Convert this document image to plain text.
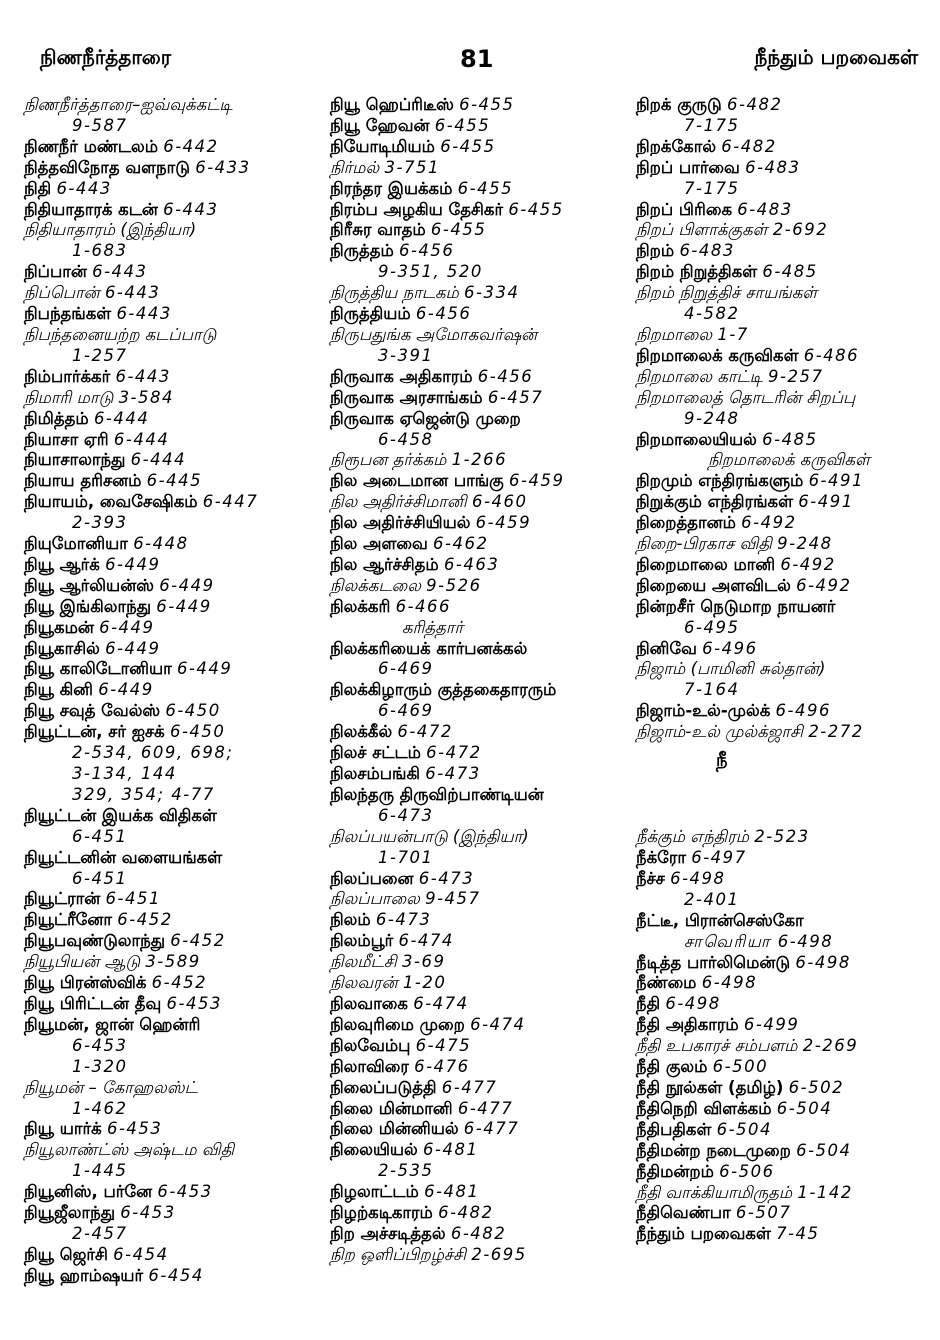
நிணநீர்த்தாரை	81	நீந்தும் பறவைகள்

நிணநீர்த்தாரை–ஐவ்வுக்கட்டி
9-587

நிணநீர் மண்டலம் 6-442

நித்தவிநோத வளநாடு 6-433

நிதி 6-443

நிதியாதாரக் கடன் 6-443

நிதியாதாரம் (இந்தியா)
1-683

நிப்பான் 6-443

நிப்பொன் 6-443

நிபந்தங்கள் 6-443

நிபந்தனையற்ற கடப்பாடு
1-257

நிம்பார்க்கர் 6-443

நிமாரி மாடு 3-584

நிமித்தம் 6-444

நியாசா ஏரி 6-444

நியாசாலாந்து 6-444

நியாய தரிசனம் 6-445

நியாயம், வைசேஷிகம் 6-447
2-393

நியுமோனியா 6-448

நியூ ஆர்க் 6-449

நியூ ஆர்லியன்ஸ் 6-449

நியூ இங்கிலாந்து 6-449

நியூகமன் 6-449

நியூகாசில் 6-449

நியூ காலிடோனியா 6-449

நியூ கினி 6-449

நியூ சவுத் வேல்ஸ் 6-450

நியூட்டன், சர் ஐசக் 6-450
2-534, 609, 698;
3-134, 144
329, 354; 4-77

நியூட்டன் இயக்க விதிகள்
6-451

நியூட்டனின் வளையங்கள்
6-451

நியூட்ரான் 6-451

நியூட்ரீனோ 6-452

நியூபவுண்டுலாந்து 6-452

நியூபியன் ஆடு 3-589

நியூ பிரன்ஸ்விக் 6-452

நியூ பிரிட்டன் தீவு 6-453

நியூமன், ஜான் ஹென்ரி
6-453
1-320

நியூமன் – கோஹலஸ்ட்
1-462

நியூ யார்க் 6-453

நியூலாண்ட்ஸ் அஷ்டம விதி
1-445

நியூனிஸ், பர்னே 6-453

நியூஜீலாந்து 6-453
2-457

நியூ ஜெர்சி 6-454

நியூ ஹாம்ஷயர் 6-454

நியூ ஹெப்ரிடீஸ் 6-455

நியூ ஹேவன் 6-455

நியோடிமியம் 6-455

நிர்மல் 3-751

நிரந்தர இயக்கம் 6-455

நிரம்ப அழகிய தேசிகர் 6-455

நிரீசுர வாதம் 6-455

நிருத்தம் 6-456
9-351, 520

நிருத்திய நாடகம் 6-334

நிருத்தியம் 6-456

நிருபதுங்க அமோகவர்ஷன்
3-391

நிருவாக அதிகாரம் 6-456

நிருவாக அரசாங்கம் 6-457

நிருவாக ஏஜென்டு முறை
6-458

நிரூபன தர்க்கம் 1-266

நில அடைமான பாங்கு 6-459

நில அதிர்ச்சிமானி 6-460

நில அதிர்ச்சியியல் 6-459

நில அளவை 6-462

நில ஆர்ச்சிதம் 6-463

நிலக்கடலை 9-526

நிலக்கரி 6-466
கரித்தார்

நிலக்கரியைக் கார்பனக்கல்
6-469

நிலக்கிழாரும் குத்தகைதாரரும்
6-469

நிலக்கீல் 6-472

நிலச் சட்டம் 6-472

நிலசம்பங்கி 6-473

நிலந்தரு திருவிற்பாண்டியன்
6-473

நிலப்பயன்பாடு (இந்தியா)
1-701

நிலப்பனை 6-473

நிலப்பாலை 9-457

நிலம் 6-473

நிலம்பூர் 6-474

நிலமீட்சி 3-69

நிலவரன் 1-20

நிலவாகை 6-474

நிலவுரிமை முறை 6-474

நிலவேம்பு 6-475

நிலாவிரை 6-476

நிலைப்படுத்தி 6-477

நிலை மின்மானி 6-477

நிலை மின்னியல் 6-477

நிலையியல் 6-481
2-535

நிழலாட்டம் 6-481

நிழற்கடிகாரம் 6-482

நிற அச்சடித்தல் 6-482

நிற ஒளிப்பிறழ்ச்சி 2-695

நிறக் குருடு 6-482
7-175

நிறக்கோல் 6-482

நிறப் பார்வை 6-483
7-175

நிறப் பிரிகை 6-483

நிறப் பிளாக்குகள் 2-692

நிறம் 6-483

நிறம் நிறுத்திகள் 6-485

நிறம் நிறுத்திச் சாயங்கள்
4-582

நிறமாலை 1-7

நிறமாலைக் கருவிகள் 6-486

நிறமாலை காட்டி 9-257

நிறமாலைத் தொடரின் சிறப்பு
9-248

நிறமாலையியல் 6-485
நிறமாலைக் கருவிகள்

நிறமும் எந்திரங்களும் 6-491

நிறுக்கும் எந்திரங்கள் 6-491

நிறைத்தானம் 6-492

நிறை-பிரகாச விதி 9-248

நிறைமாலை மானி 6-492

நிறையை அளவிடல் 6-492

நின்றசீர் நெடுமாற நாயனர்
6-495

நினிவே 6-496

நிஜாம் (பாமினி சுல்தான்)
7-164

நிஜாம்-உல்-முல்க் 6-496

நிஜாம்-உல் முல்க்ஜாசி 2-272

நீ

நீக்கும் எந்திரம் 2-523

நீக்ரோ 6-497

நீச்ச 6-498
2-401

நீட்டீ, பிரான்செஸ்கோ
சாவெரியா 6-498

நீடித்த பார்லிமென்டு 6-498

நீண்மை 6-498

நீதி 6-498

நீதி அதிகாரம் 6-499

நீதி உபகாரச் சம்பளம் 2-269

நீதி குலம் 6-500

நீதி நூல்கள் (தமிழ்) 6-502

நீதிநெறி விளக்கம் 6-504

நீதிபதிகள் 6-504

நீதிமன்ற நடைமுறை 6-504

நீதிமன்றம் 6-506

நீதி வாக்கியாமிருதம் 1-142

நீதிவெண்பா 6-507

நீந்தும் பறவைகள் 7-45
